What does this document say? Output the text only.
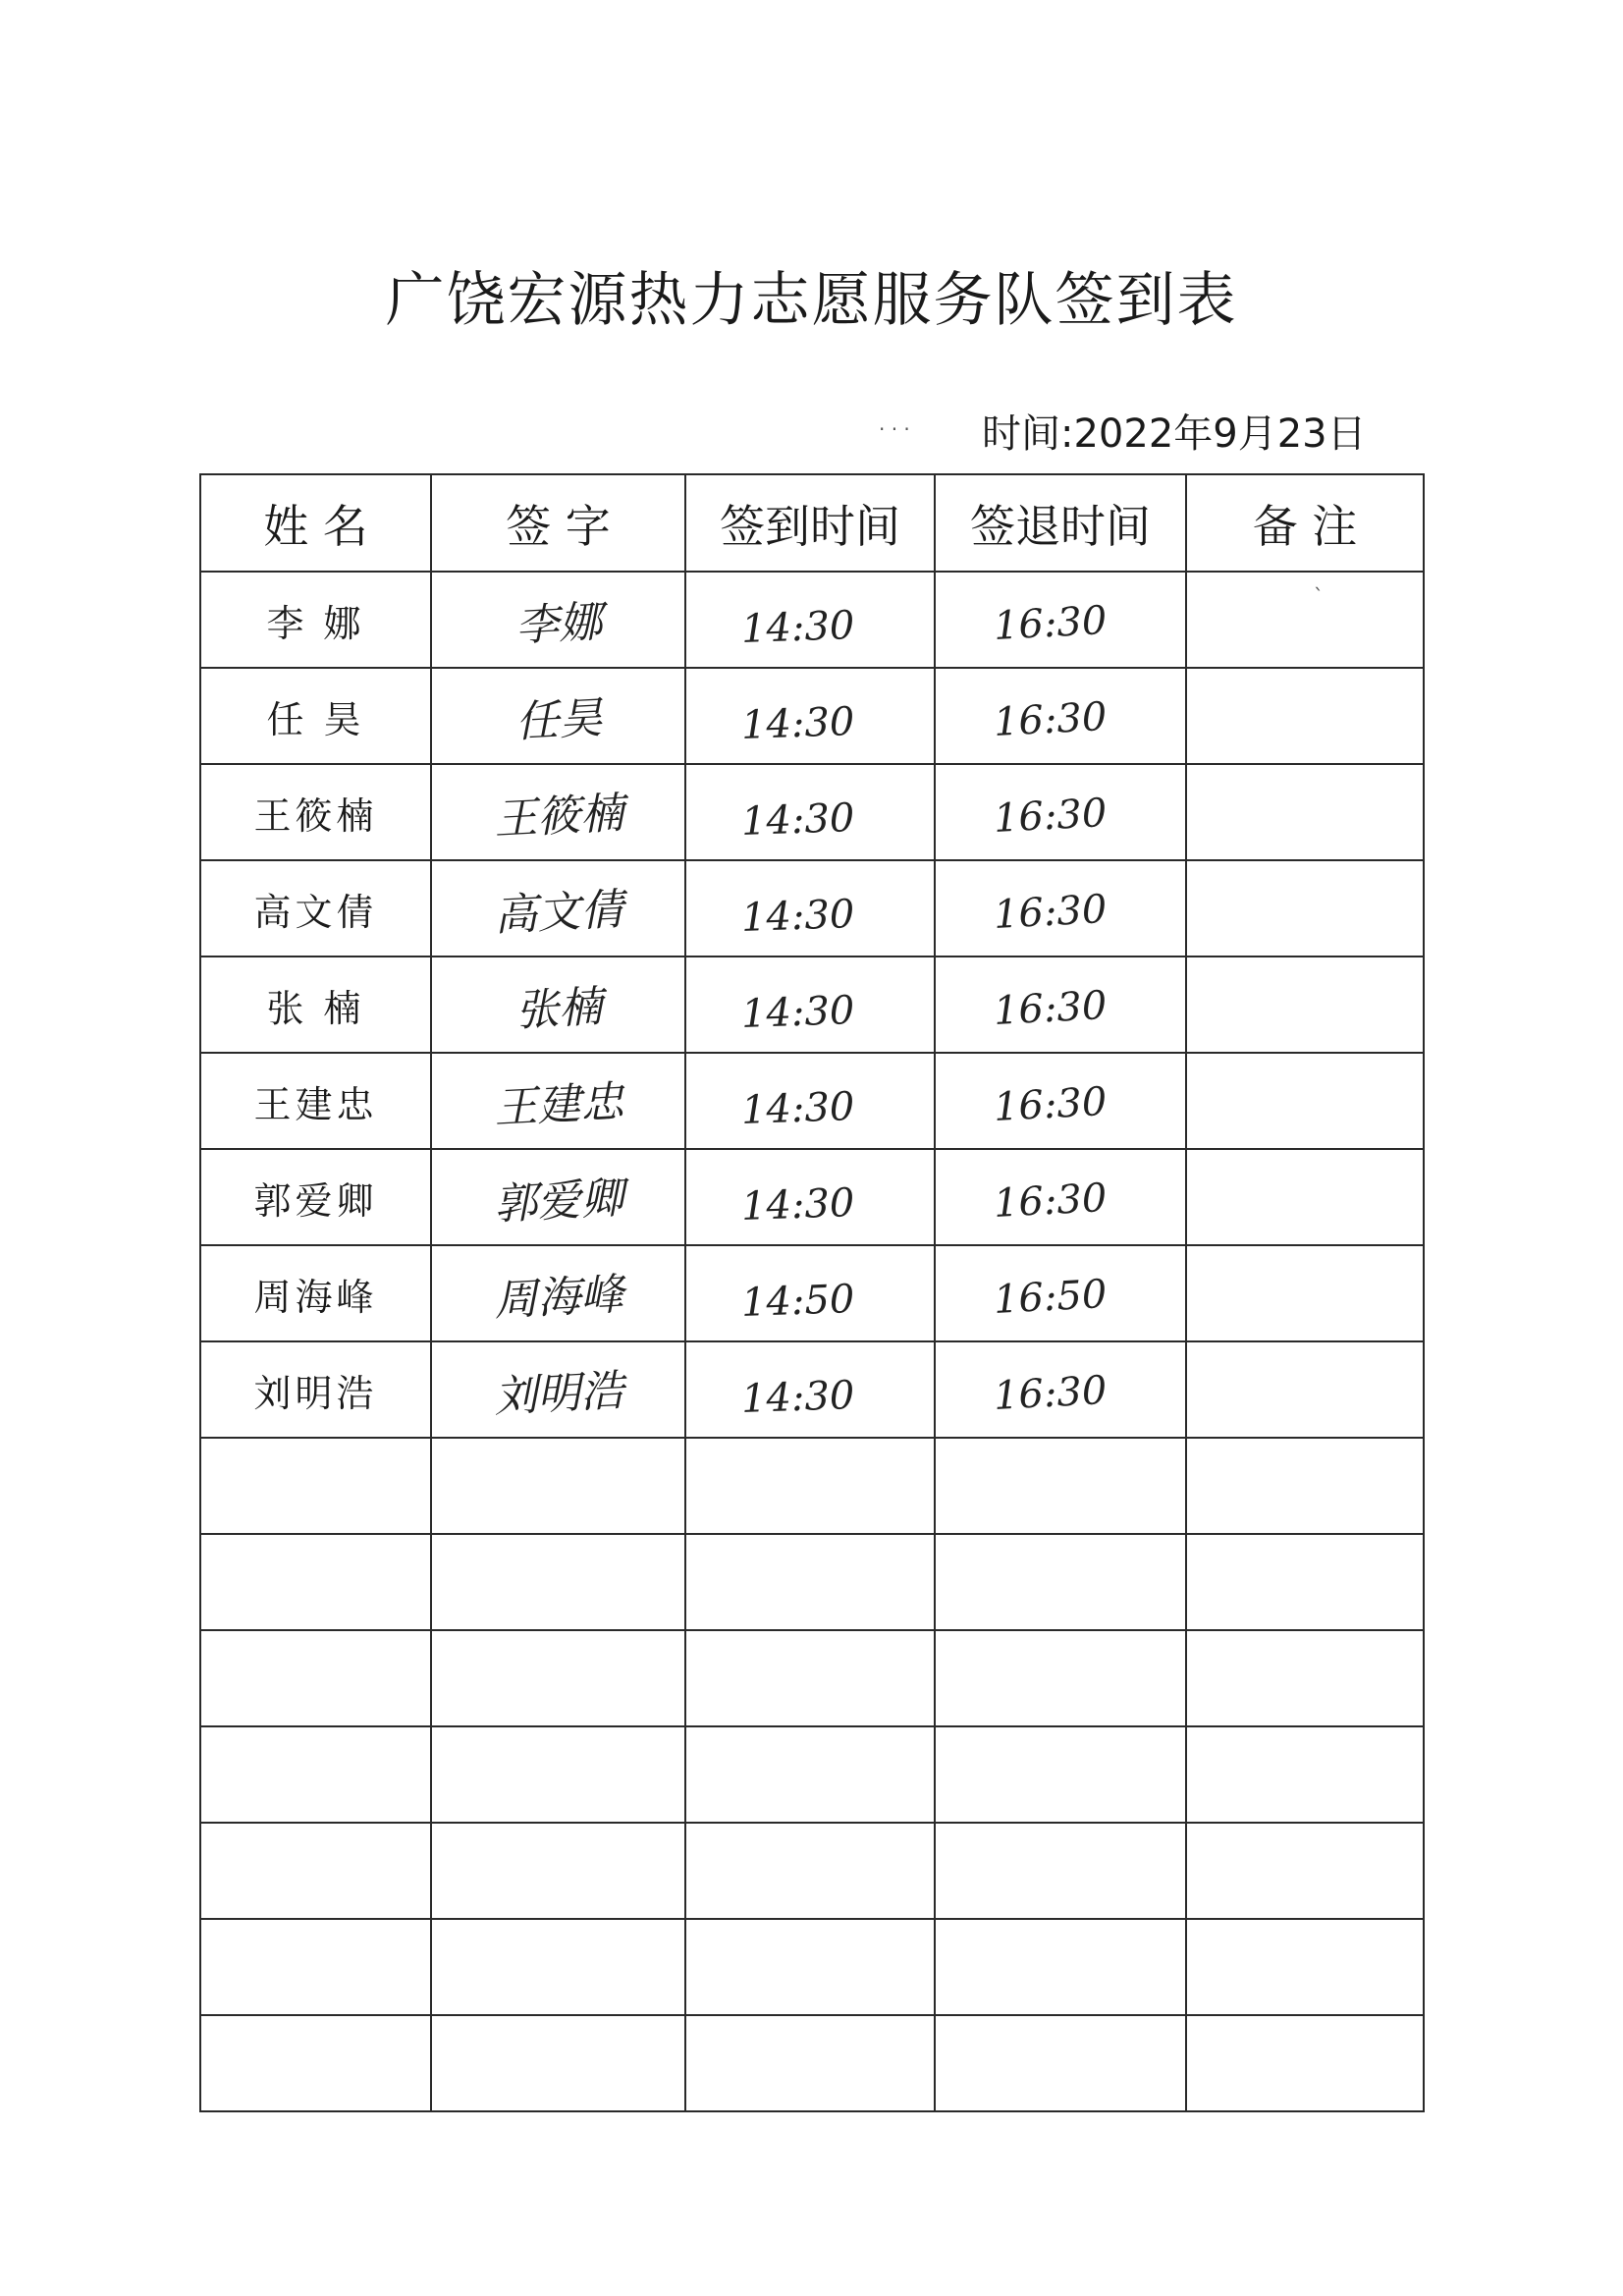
广饶宏源热力志愿服务队签到表
时间:2022年9月23日
姓 名	签 字	签到时间	签退时间	备 注
李 娜	李娜	14:30	16:30	
任 昊	任昊	14:30	16:30	
王筱楠	王筱楠	14:30	16:30	
高文倩	高文倩	14:30	16:30	
张 楠	张楠	14:30	16:30	
王建忠	王建忠	14:30	16:30	
郭爱卿	郭爱卿	14:30	16:30	
周海峰	周海峰	14:50	16:50	
刘明浩	刘明浩	14:30	16:30	

· · ·
ˋ
